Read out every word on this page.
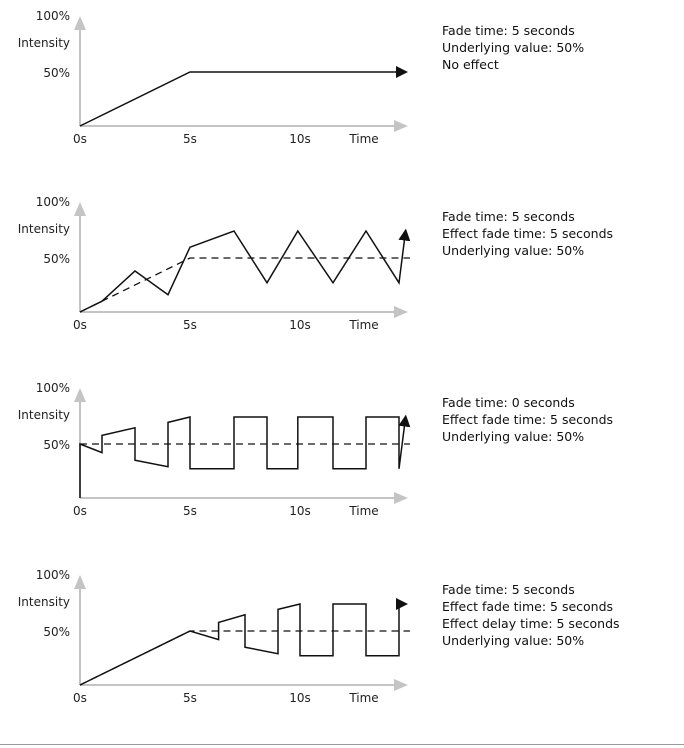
100%
Intensity
50%
0s	5s	10s	Time
Fade time: 5 seconds
Underlying value: 50%
No effect
100%
Intensity
50%
0s	5s	10s	Time
Fade time: 5 seconds
Effect fade time: 5 seconds
Underlying value: 50%
100%
Intensity
50%
0s	5s	10s	Time
Fade time: 0 seconds
Effect fade time: 5 seconds
Underlying value: 50%
100%
Intensity
50%
0s	5s	10s	Time
Fade time: 5 seconds
Effect fade time: 5 seconds
Effect delay time: 5 seconds
Underlying value: 50%
